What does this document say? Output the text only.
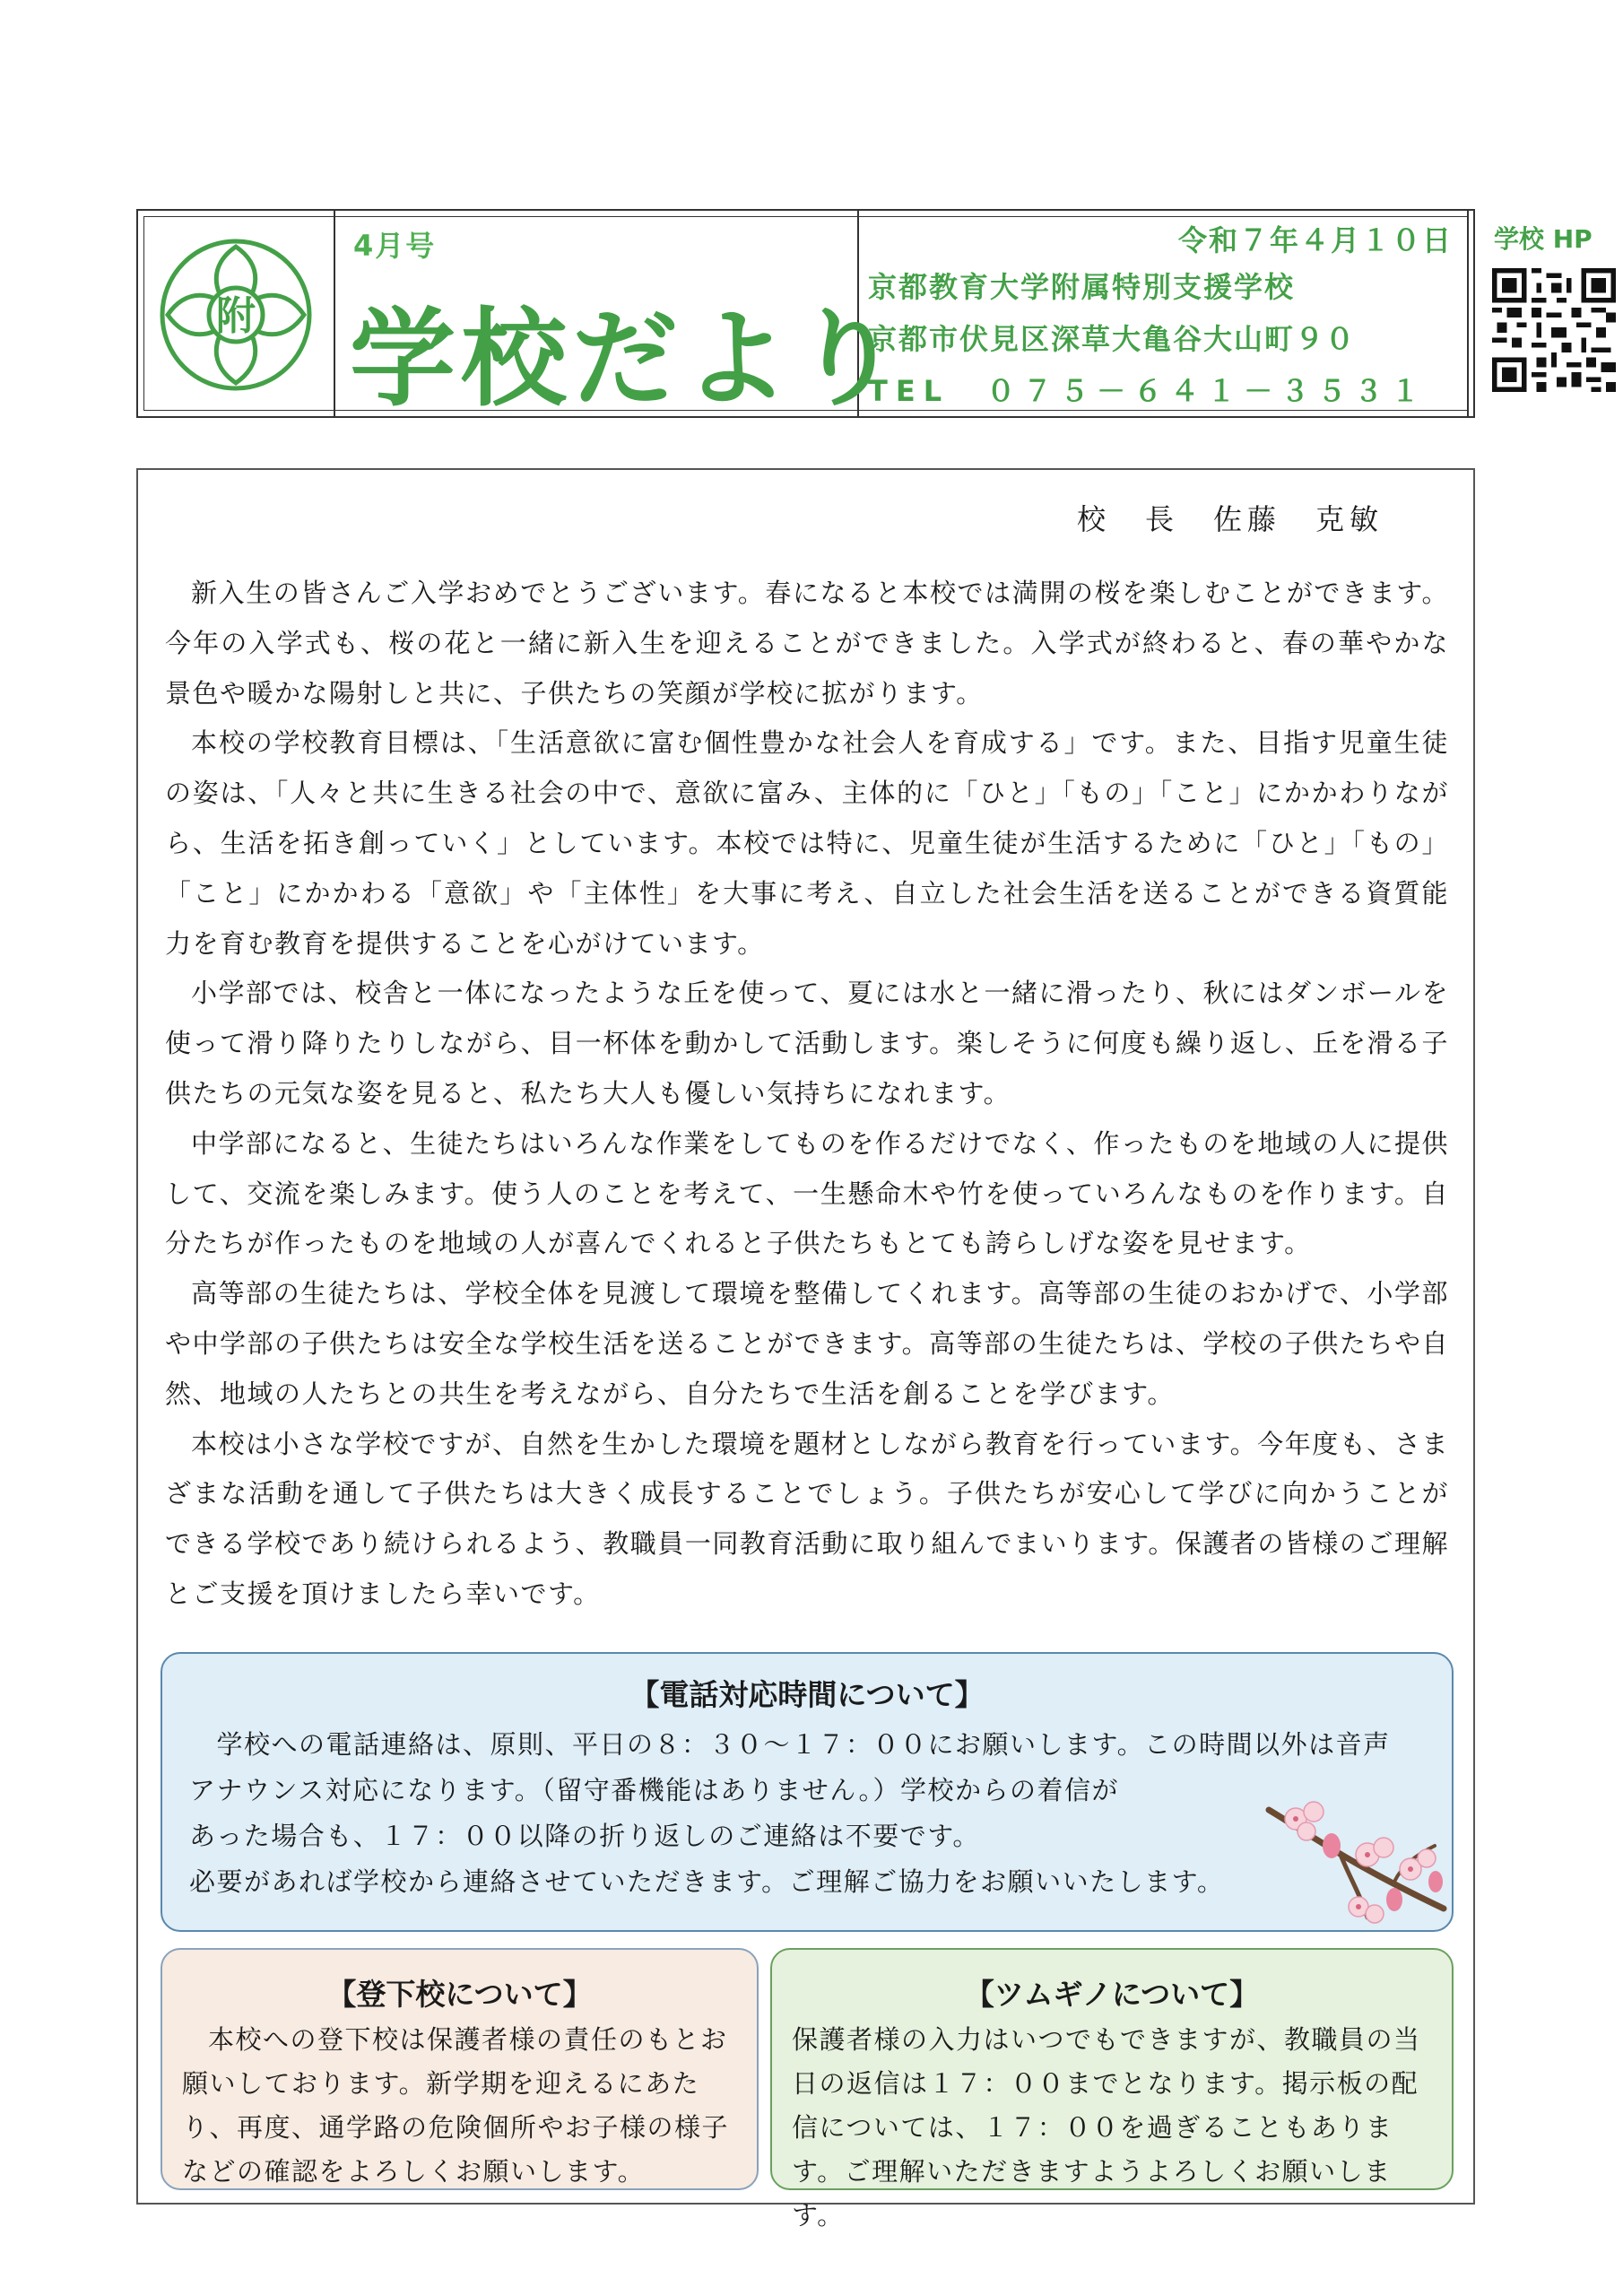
附
4月号
学校だより
令和７年４月１０日
京都教育大学附属特別支援学校
京都市伏見区深草大亀谷大山町９０
TEL　０７５－６４１－３５３１
学校 HP
校　長　佐藤　克敏

新入生の皆さんご入学おめでとうございます。春になると本校では満開の桜を楽しむことができます。今年の入学式も、桜の花と一緒に新入生を迎えることができました。入学式が終わると、春の華やかな景色や暖かな陽射しと共に、子供たちの笑顔が学校に拡がります。

本校の学校教育目標は、「生活意欲に富む個性豊かな社会人を育成する」です。また、目指す児童生徒の姿は、「人々と共に生きる社会の中で、意欲に富み、主体的に「ひと」「もの」「こと」にかかわりながら、生活を拓き創っていく」としています。本校では特に、児童生徒が生活するために「ひと」「もの」「こと」にかかわる「意欲」や「主体性」を大事に考え、自立した社会生活を送ることができる資質能力を育む教育を提供することを心がけています。

小学部では、校舎と一体になったような丘を使って、夏には水と一緒に滑ったり、秋にはダンボールを使って滑り降りたりしながら、目一杯体を動かして活動します。楽しそうに何度も繰り返し、丘を滑る子供たちの元気な姿を見ると、私たち大人も優しい気持ちになれます。

中学部になると、生徒たちはいろんな作業をしてものを作るだけでなく、作ったものを地域の人に提供して、交流を楽しみます。使う人のことを考えて、一生懸命木や竹を使っていろんなものを作ります。自分たちが作ったものを地域の人が喜んでくれると子供たちもとても誇らしげな姿を見せます。

高等部の生徒たちは、学校全体を見渡して環境を整備してくれます。高等部の生徒のおかげで、小学部や中学部の子供たちは安全な学校生活を送ることができます。高等部の生徒たちは、学校の子供たちや自然、地域の人たちとの共生を考えながら、自分たちで生活を創ることを学びます。

本校は小さな学校ですが、自然を生かした環境を題材としながら教育を行っています。今年度も、さまざまな活動を通して子供たちは大きく成長することでしょう。子供たちが安心して学びに向かうことができる学校であり続けられるよう、教職員一同教育活動に取り組んでまいります。保護者の皆様のご理解とご支援を頂けましたら幸いです。

【電話対応時間について】
　学校への電話連絡は、原則、平日の８：３０～１７：００にお願いします。この時間以外は音声
アナウンス対応になります。（留守番機能はありません。）学校からの着信が
あった場合も、１７：００以降の折り返しのご連絡は不要です。
必要があれば学校から連絡させていただきます。ご理解ご協力をお願いいたします。
【登下校について】

本校への登下校は保護者様の責任のもとお願いしております。新学期を迎えるにあたり、再度、通学路の危険個所やお子様の様子などの確認をよろしくお願いします。

【ツムギノについて】
保護者様の入力はいつでもできますが、教職員の当日の返信は１７：００までとなります。掲示板の配信については、１７：００を過ぎることもあります。ご理解いただきますようよろしくお願いします。
